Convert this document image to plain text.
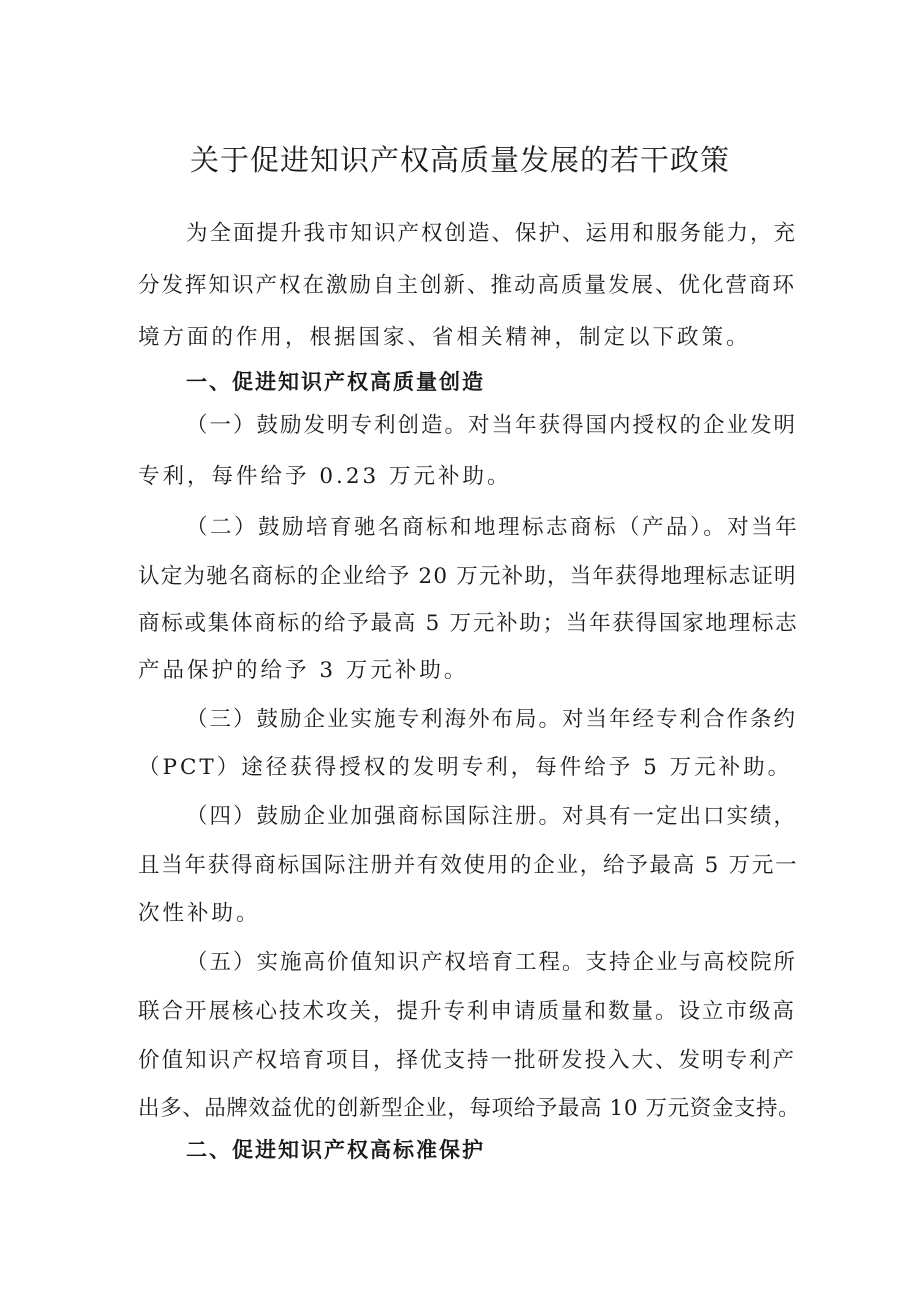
关于促进知识产权高质量发展的若干政策
为全面提升我市知识产权创造、保护、运用和服务能力，充
分发挥知识产权在激励自主创新、推动高质量发展、优化营商环
境方面的作用，根据国家、省相关精神，制定以下政策。
一、促进知识产权高质量创造
（一）鼓励发明专利创造。对当年获得国内授权的企业发明
专利，每件给予 0.23 万元补助。
（二）鼓励培育驰名商标和地理标志商标（产品）。对当年
认定为驰名商标的企业给予 20 万元补助，当年获得地理标志证明
商标或集体商标的给予最高 5 万元补助；当年获得国家地理标志
产品保护的给予 3 万元补助。
（三）鼓励企业实施专利海外布局。对当年经专利合作条约
（PCT）途径获得授权的发明专利，每件给予 5 万元补助。
（四）鼓励企业加强商标国际注册。对具有一定出口实绩，
且当年获得商标国际注册并有效使用的企业，给予最高 5 万元一
次性补助。
（五）实施高价值知识产权培育工程。支持企业与高校院所
联合开展核心技术攻关，提升专利申请质量和数量。设立市级高
价值知识产权培育项目，择优支持一批研发投入大、发明专利产
出多、品牌效益优的创新型企业，每项给予最高 10 万元资金支持。
二、促进知识产权高标准保护
